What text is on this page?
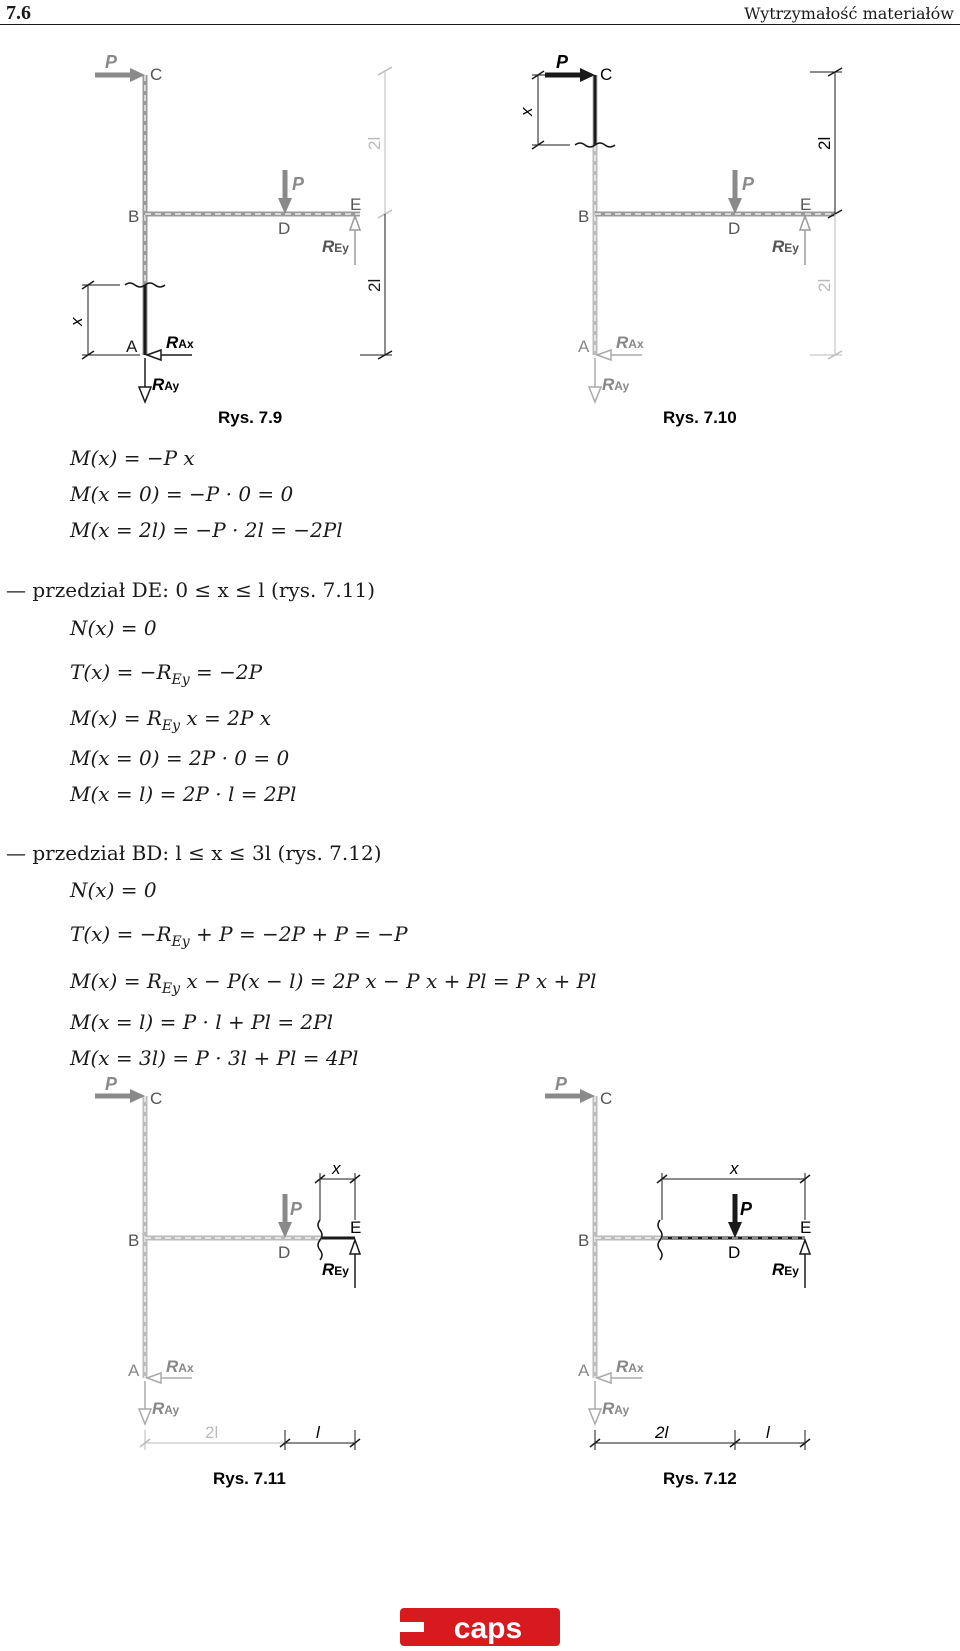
7.6	Wytrzymałość materiałów
P
C
P
B
D
E
REy
2l
2l
x
A RAx
RAy
Rys. 7.9
P
C
P
B
D
E
REy
x
2l
2l
A RAx
RAy
Rys. 7.10
M(x) = −P x
M(x = 0) = −P · 0 = 0
M(x = 2l) = −P · 2l = −2Pl
— przedział DE: 0 ≤ x ≤ l (rys. 7.11)
N(x) = 0
$T(x) = -R_{Ey} = -2P$
$M(x) = R_{Ey}$ x = 2P x
M(x = 0) = 2P · 0 = 0
M(x = l) = 2P · l = 2Pl
— przedział BD: l ≤ x ≤ 3l (rys. 7.12)
N(x) = 0
$T(x) = -R_{Ey} + P = -2P + P = -P$
$M(x) = R_{Ey}$ x − P(x − l) = 2P x − P x + Pl = P x + Pl
M(x = l) = P · l + Pl = 2Pl
M(x = 3l) = P · 3l + Pl = 4Pl
P
C
P
B
D
E
REy
x
A RAx
RAy
2l	l
Rys. 7.11
P
C
P
B
D
E
REy
x
A RAx
RAy
2l	l
Rys. 7.12
caps
